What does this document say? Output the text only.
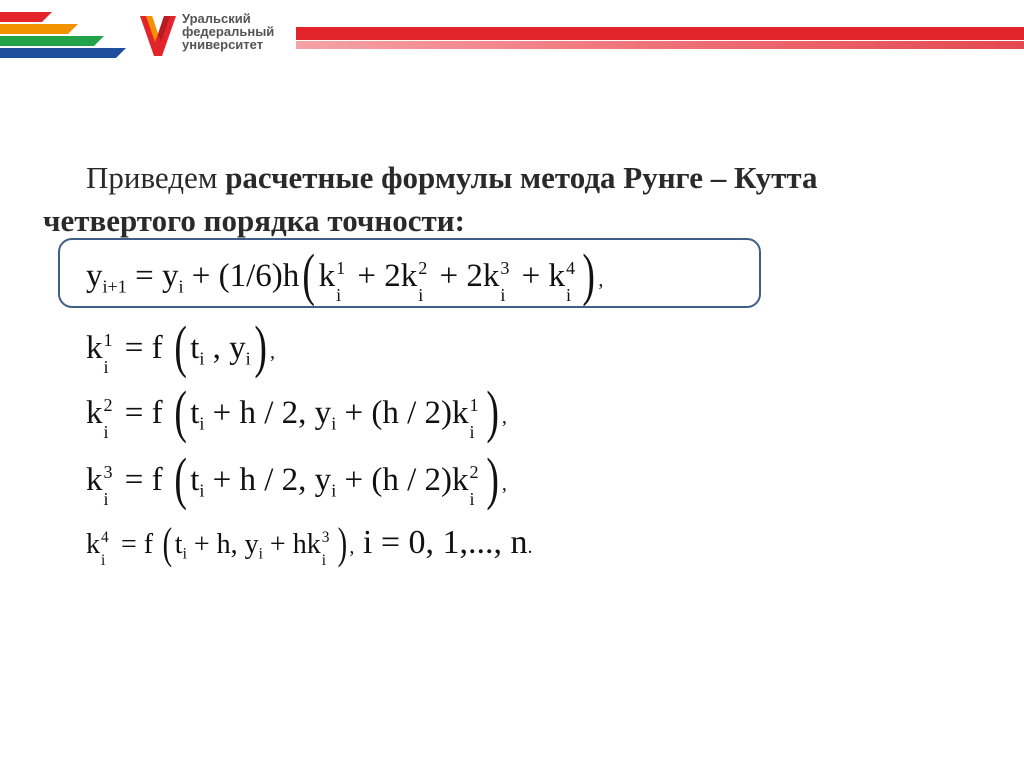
Уральский
федеральный
университет
Приведем расчетные формулы метода Рунге – Кутта
четвертого порядка точности:
$y_{i+1} = y_i + (1/6)h$( k 1
i
+ 2k 2
i
+ 2k 3
i
+ k 4
i ) ,
k 1
i
= f ( $t_i$ , $y_i$) ,
k 2
i
= f ( $t_i + h / 2$, $y_i + (h / 2)k$ 1
i ) ,
k 3
i
= f ( $t_i + h / 2$, $y_i + (h / 2)k$ 2
i ) ,
k 4
i
= f ($t_i + h$, $y_i$ + hk 3
i ) , i = 0, 1,..., n.
